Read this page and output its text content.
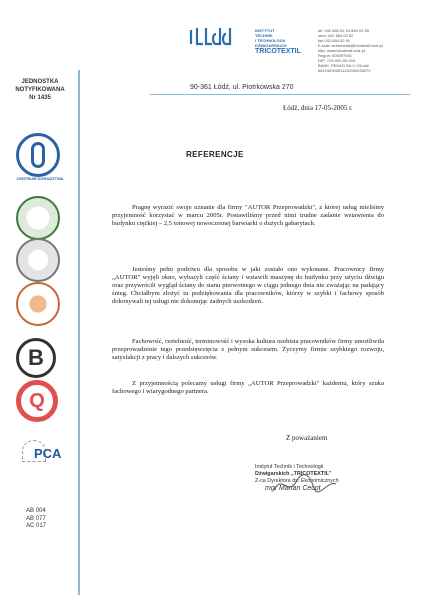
INSTYTUT
TECHNIK
I TECHNOLOGII
DŹWIGARSKICH
TRICOTEXTIL
tel. 042 684 02 24 684 02 55
cent. 042 684 02 82
fax 042 684 02 91
E-mail: sekretariat@tricotextil.lodz.pl
http: www.tricotextil.lodz.pl
Regon: 000097941
NIP: 724-000-00-204
BANK: PEKAO SA V O/Łódź
661240302811110000226272
90-361 Łódź, ul. Piotrkowska 270
Łódź, dnia 17-05-2005 r.
JEDNOSTKA
NOTYFIKOWANA
Nr 1435
CENTRUM DORADZTWA
B
Q
PCA
AB 004
AB 077
AC 017
REFERENCJE

Pragnę wyrazić swoje uznanie dla firmy "AUTOR Przeprowadzki", z której usług mieliśmy przyjemność korzystać w marcu 2005r. Postawiliśmy przed nimi trudne zadanie wstawienia do budynku ciężkiej – 2,5 tonowej nowoczesnej barwiarki o dużych gabarytach.

Jesteśmy pełni podziwu dla sposobu w jaki zostało ono wykonane. Pracownicy firmy „AUTOR" wyjęli okno, wybazyli część ściany i wstawili maszynę do budynku przy użyciu dźwigu oraz przywrócili wygląd ściany do stanu pierwotnego w ciągu jednego dnia nie zważając na padający śnieg. Chciałbym złożyć tu podziękowania dla pracowników, którzy w szybki i fachowy sposób dokonywali tej usługi nie dokonując żadnych uszkodzeń.

Fachowość, rzetelność, terminowość i wysoka kultura osobista pracowników firmy umożliwiła przeprowadzenie tego przedsięwzięcia z pełnym sukcesem. Życzymy firmie szybkiego rozwoju, satysfakcji z pracy i dalszych sukcesów.

Z przyjemnością polecamy usługi firmy „AUTOR Przeprowadzki" każdemu, który szuka fachowego i wiarygodnego partnera.

Z poważaniem
Instytut Technik i Technologii
Dźwigarskich „TRICOTEXTIL"
Z-ca Dyrektora ds. Ekonomicznych
mgr Marian Cecot
